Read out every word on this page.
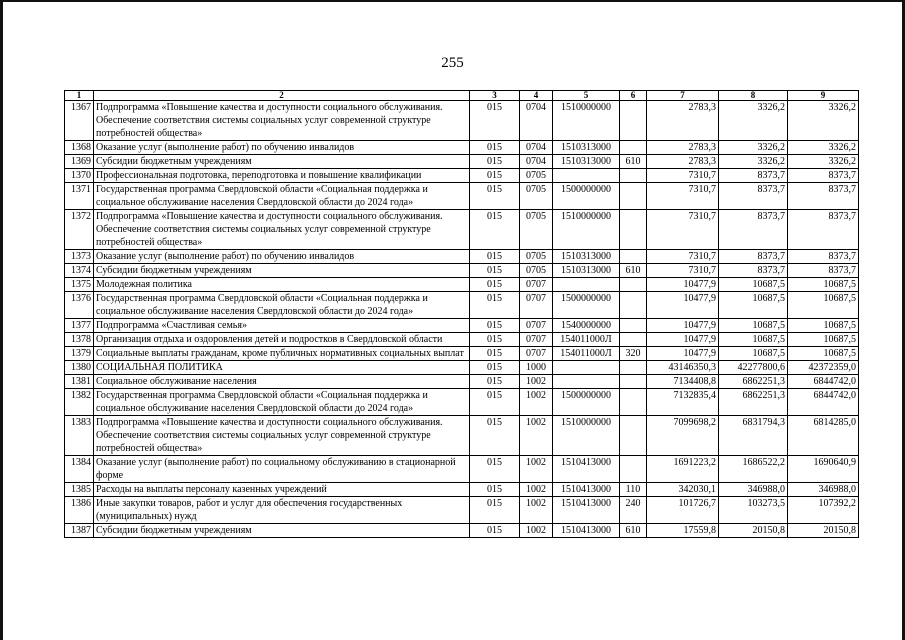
255
1	2	3	4	5	6	7	8	9
1367	Подпрограмма «Повышение качества и доступности социального обслуживания. Обеспечение соответствия системы социальных услуг современной структуре потребностей общества»	015	0704	1510000000		2783,3	3326,2	3326,2
1368	Оказание услуг (выполнение работ) по обучению инвалидов	015	0704	1510313000		2783,3	3326,2	3326,2
1369	Субсидии бюджетным учреждениям	015	0704	1510313000	610	2783,3	3326,2	3326,2
1370	Профессиональная подготовка, переподготовка и повышение квалификации	015	0705			7310,7	8373,7	8373,7
1371	Государственная программа Свердловской области «Социальная поддержка и социальное обслуживание населения Свердловской области до 2024 года»	015	0705	1500000000		7310,7	8373,7	8373,7
1372	Подпрограмма «Повышение качества и доступности социального обслуживания. Обеспечение соответствия системы социальных услуг современной структуре потребностей общества»	015	0705	1510000000		7310,7	8373,7	8373,7
1373	Оказание услуг (выполнение работ) по обучению инвалидов	015	0705	1510313000		7310,7	8373,7	8373,7
1374	Субсидии бюджетным учреждениям	015	0705	1510313000	610	7310,7	8373,7	8373,7
1375	Молодежная политика	015	0707			10477,9	10687,5	10687,5
1376	Государственная программа Свердловской области «Социальная поддержка и социальное обслуживание населения Свердловской области до 2024 года»	015	0707	1500000000		10477,9	10687,5	10687,5
1377	Подпрограмма «Счастливая семья»	015	0707	1540000000		10477,9	10687,5	10687,5
1378	Организация отдыха и оздоровления детей и подростков в Свердловской области	015	0707	154011000Л		10477,9	10687,5	10687,5
1379	Социальные выплаты гражданам, кроме публичных нормативных социальных выплат	015	0707	154011000Л	320	10477,9	10687,5	10687,5
1380	СОЦИАЛЬНАЯ ПОЛИТИКА	015	1000			43146350,3	42277800,6	42372359,0
1381	Социальное обслуживание населения	015	1002			7134408,8	6862251,3	6844742,0
1382	Государственная программа Свердловской области «Социальная поддержка и социальное обслуживание населения Свердловской области до 2024 года»	015	1002	1500000000		7132835,4	6862251,3	6844742,0
1383	Подпрограмма «Повышение качества и доступности социального обслуживания. Обеспечение соответствия системы социальных услуг современной структуре потребностей общества»	015	1002	1510000000		7099698,2	6831794,3	6814285,0
1384	Оказание услуг (выполнение работ) по социальному обслуживанию в стационарной форме	015	1002	1510413000		1691223,2	1686522,2	1690640,9
1385	Расходы на выплаты персоналу казенных учреждений	015	1002	1510413000	110	342030,1	346988,0	346988,0
1386	Иные закупки товаров, работ и услуг для обеспечения государственных (муниципальных) нужд	015	1002	1510413000	240	101726,7	103273,5	107392,2
1387	Субсидии бюджетным учреждениям	015	1002	1510413000	610	17559,8	20150,8	20150,8
